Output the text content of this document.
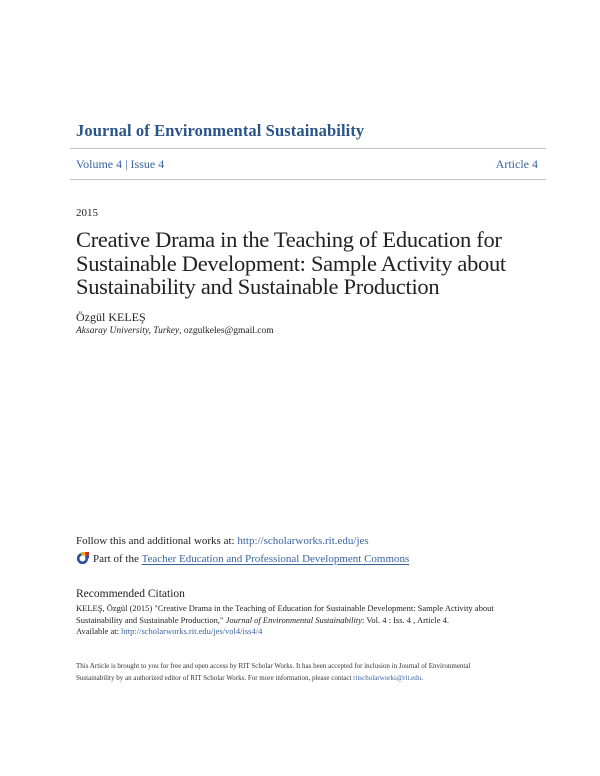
Journal of Environmental Sustainability
Volume 4 | Issue 4	Article 4
2015
Creative Drama in the Teaching of Education for
Sustainable Development: Sample Activity about
Sustainability and Sustainable Production
Özgül KELEŞ
Aksaray University, Turkey, ozgulkeles@gmail.com
Follow this and additional works at: http://scholarworks.rit.edu/jes
Part of the
Teacher Education and Professional Development Commons
Recommended Citation
KELEŞ, Özgül (2015) "Creative Drama in the Teaching of Education for Sustainable Development: Sample Activity about
Sustainability and Sustainable Production," Journal of Environmental Sustainability: Vol. 4 : Iss. 4 , Article 4.
Available at: http://scholarworks.rit.edu/jes/vol4/iss4/4
This Article is brought to you for free and open access by RIT Scholar Works. It has been accepted for inclusion in Journal of Environmental
Sustainability by an authorized editor of RIT Scholar Works. For more information, please contact ritscholarworks@rit.edu.
